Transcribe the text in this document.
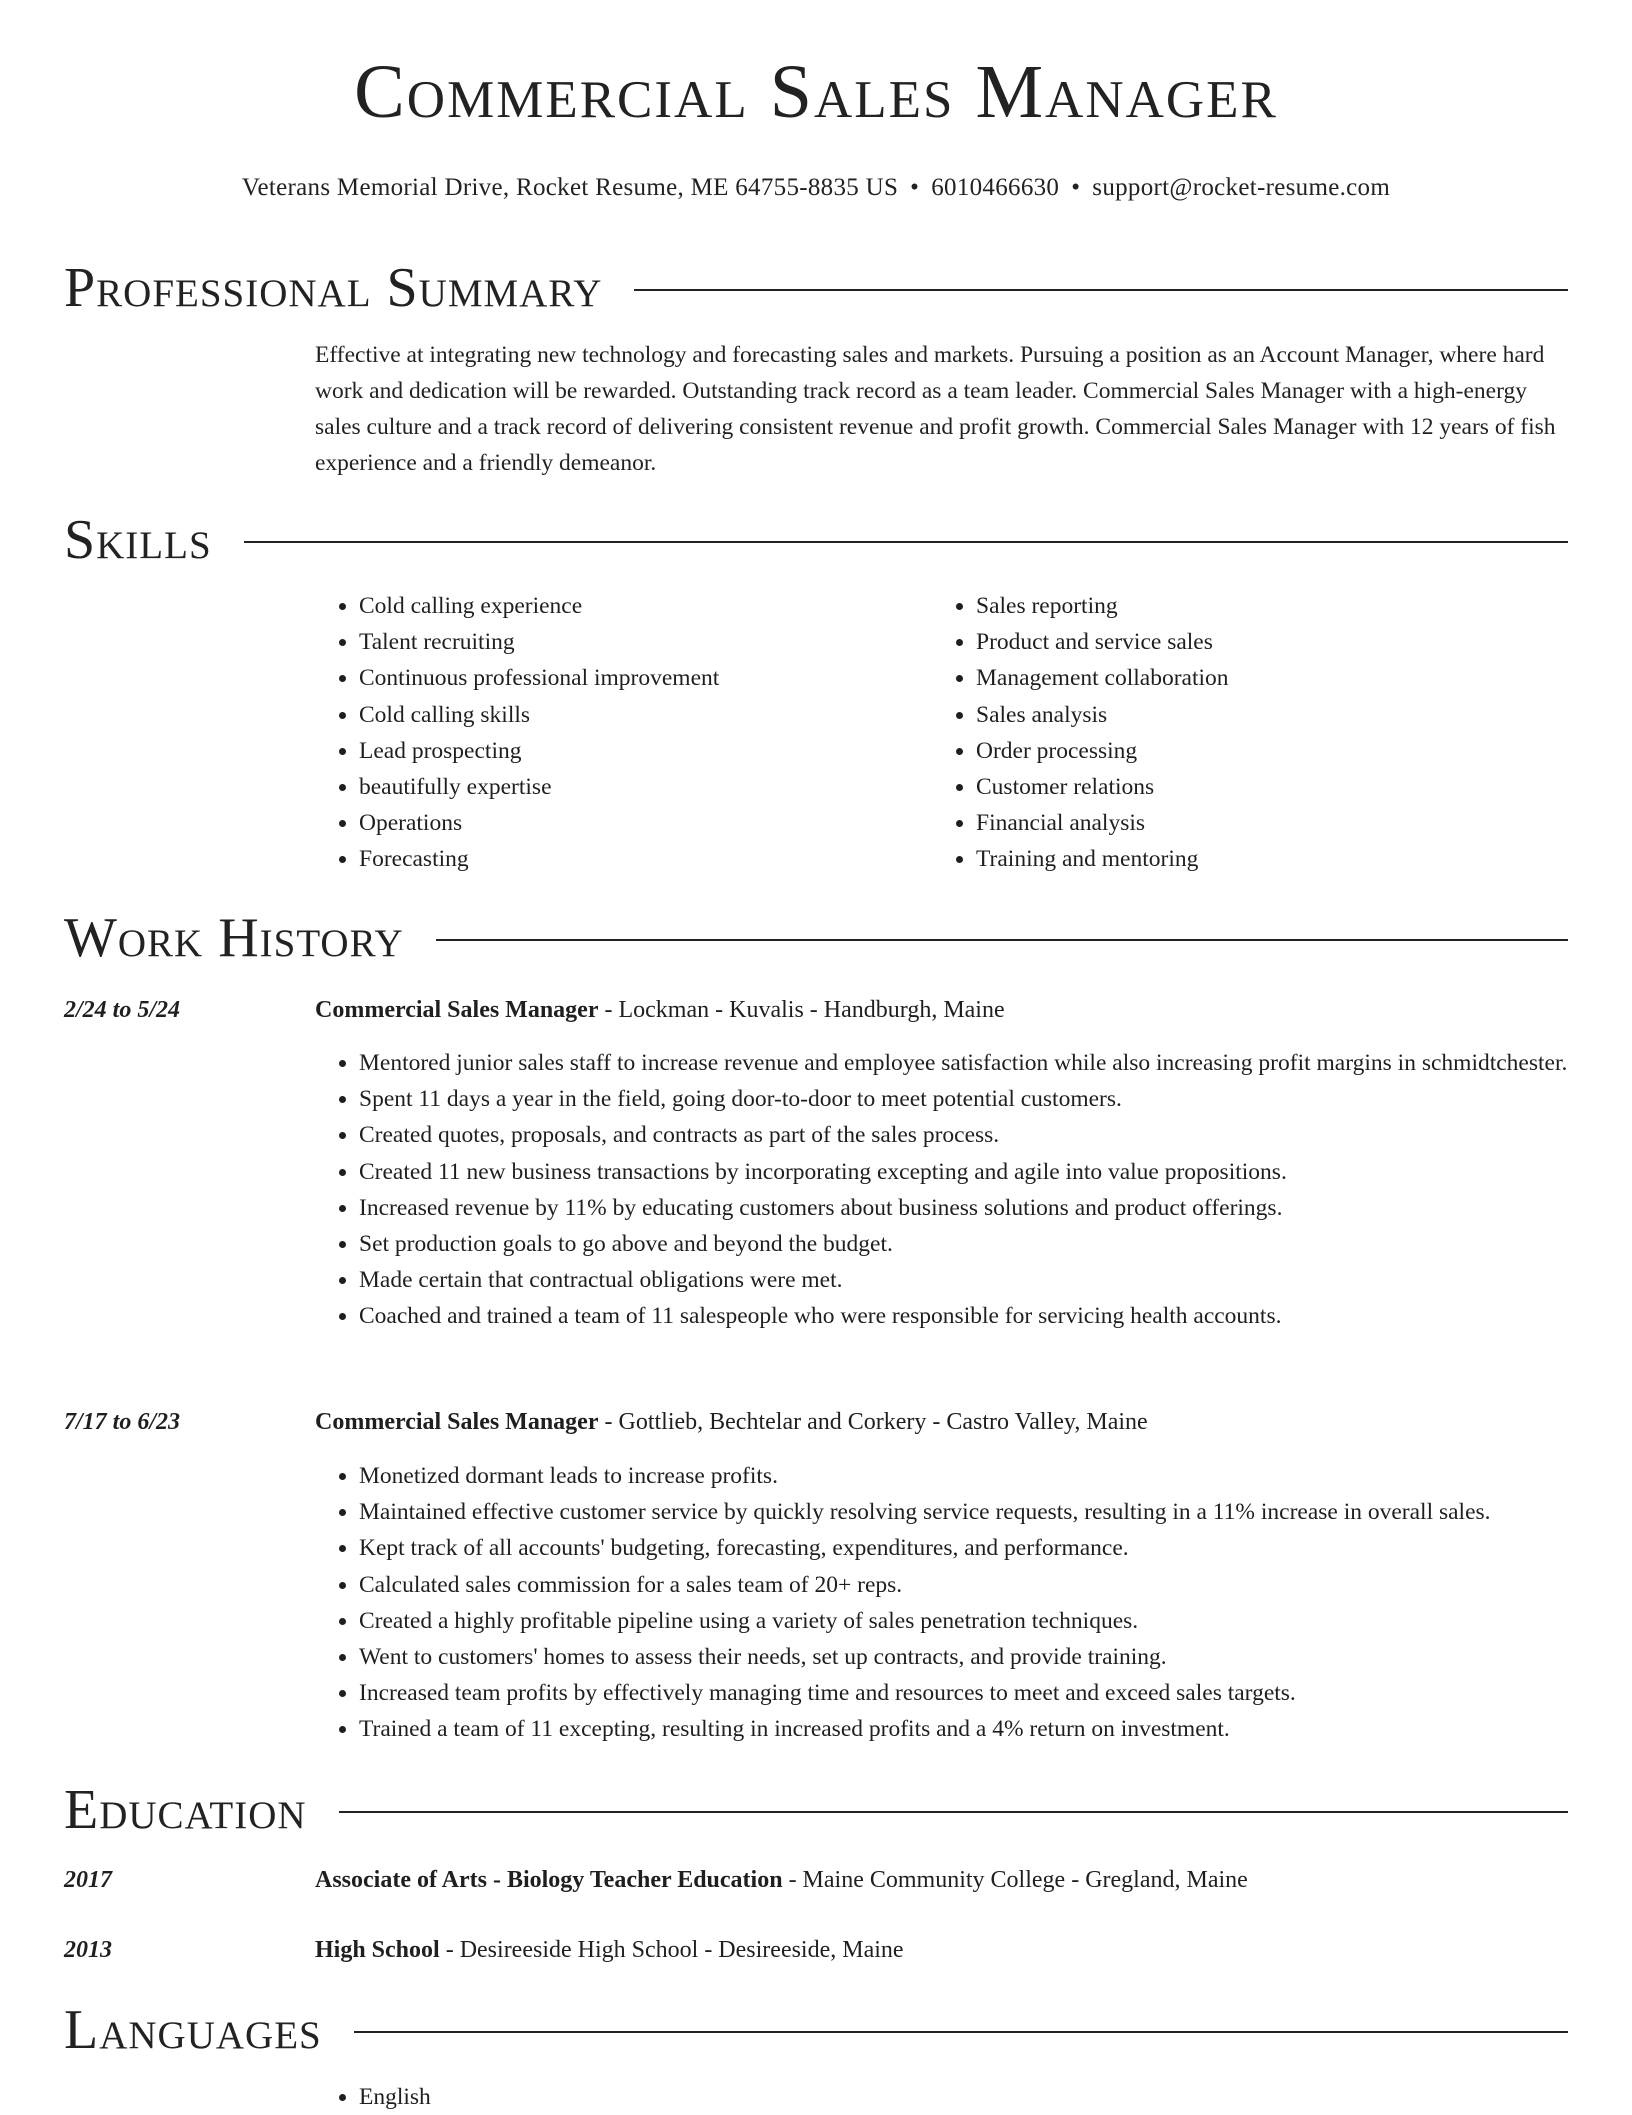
Commercial Sales Manager
Veterans Memorial Drive, Rocket Resume, ME 64755-8835 US • 6010466630 • support@rocket-resume.com
Professional Summary
Effective at integrating new technology and forecasting sales and markets. Pursuing a position as an Account Manager, where hard work and dedication will be rewarded. Outstanding track record as a team leader. Commercial Sales Manager with a high-energy sales culture and a track record of delivering consistent revenue and profit growth. Commercial Sales Manager with 12 years of fish experience and a friendly demeanor.
Skills
• Cold calling experience
• Talent recruiting
• Continuous professional improvement
• Cold calling skills
• Lead prospecting
• beautifully expertise
• Operations
• Forecasting
• Sales reporting
• Product and service sales
• Management collaboration
• Sales analysis
• Order processing
• Customer relations
• Financial analysis
• Training and mentoring
Work History
2/24 to 5/24	Commercial Sales Manager - Lockman - Kuvalis - Handburgh, Maine
• Mentored junior sales staff to increase revenue and employee satisfaction while also increasing profit margins in schmidtchester.
• Spent 11 days a year in the field, going door-to-door to meet potential customers.
• Created quotes, proposals, and contracts as part of the sales process.
• Created 11 new business transactions by incorporating excepting and agile into value propositions.
• Increased revenue by 11% by educating customers about business solutions and product offerings.
• Set production goals to go above and beyond the budget.
• Made certain that contractual obligations were met.
• Coached and trained a team of 11 salespeople who were responsible for servicing health accounts.
7/17 to 6/23	Commercial Sales Manager - Gottlieb, Bechtelar and Corkery - Castro Valley, Maine
• Monetized dormant leads to increase profits.
• Maintained effective customer service by quickly resolving service requests, resulting in a 11% increase in overall sales.
• Kept track of all accounts' budgeting, forecasting, expenditures, and performance.
• Calculated sales commission for a sales team of 20+ reps.
• Created a highly profitable pipeline using a variety of sales penetration techniques.
• Went to customers' homes to assess their needs, set up contracts, and provide training.
• Increased team profits by effectively managing time and resources to meet and exceed sales targets.
• Trained a team of 11 excepting, resulting in increased profits and a 4% return on investment.
Education
2017	Associate of Arts - Biology Teacher Education - Maine Community College - Gregland, Maine
2013	High School - Desireeside High School - Desireeside, Maine
Languages
• English
